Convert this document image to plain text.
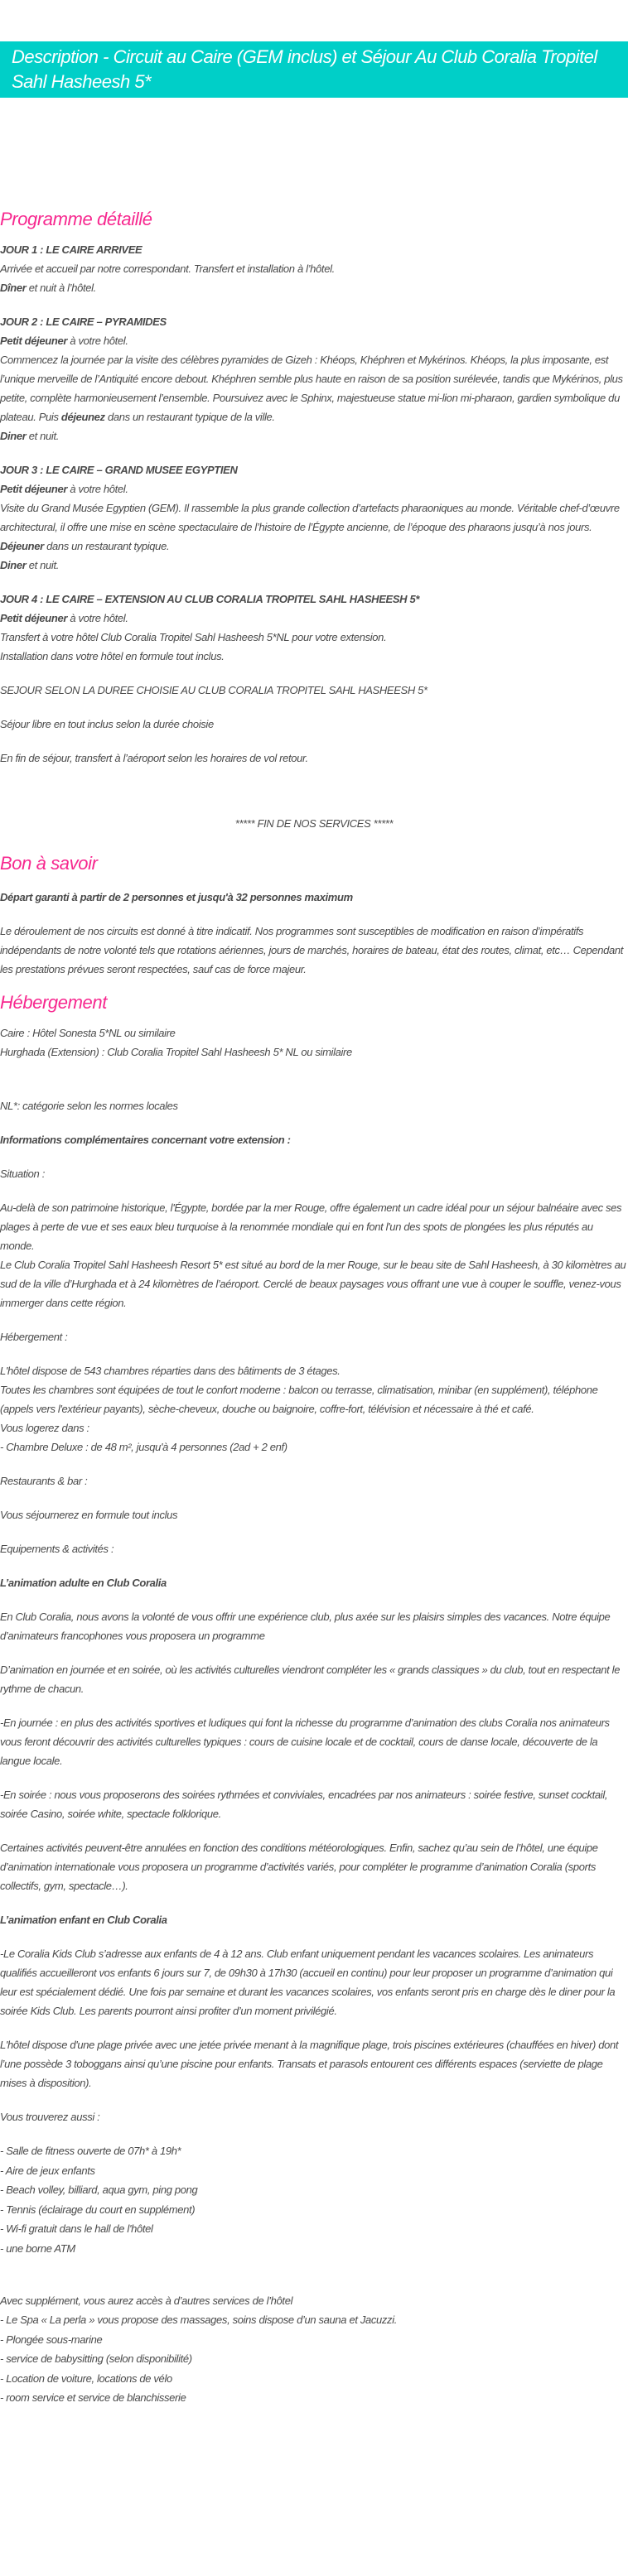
Description - Circuit au Caire (GEM inclus) et Séjour Au Club Coralia Tropitel Sahl Hasheesh 5*
Programme détaillé

JOUR 1 : LE CAIRE ARRIVEE

Arrivée et accueil par notre correspondant. Transfert et installation à l’hôtel.

Dîner et nuit à l’hôtel.

JOUR 2 : LE CAIRE – PYRAMIDES

Petit déjeuner à votre hôtel.

Commencez la journée par la visite des célèbres pyramides de Gizeh : Khéops, Khéphren et Mykérinos. Khéops, la plus imposante, est l’unique merveille de l’Antiquité encore debout. Khéphren semble plus haute en raison de sa position surélevée, tandis que Mykérinos, plus petite, complète harmonieusement l’ensemble. Poursuivez avec le Sphinx, majestueuse statue mi-lion mi-pharaon, gardien symbolique du plateau. Puis déjeunez dans un restaurant typique de la ville.

Diner et nuit.

JOUR 3 : LE CAIRE – GRAND MUSEE EGYPTIEN

Petit déjeuner à votre hôtel.

Visite du Grand Musée Egyptien (GEM). Il rassemble la plus grande collection d’artefacts pharaoniques au monde. Véritable chef-d’œuvre architectural, il offre une mise en scène spectaculaire de l’histoire de l’Égypte ancienne, de l’époque des pharaons jusqu’à nos jours.

Déjeuner dans un restaurant typique.

Diner et nuit.

JOUR 4 : LE CAIRE – EXTENSION AU CLUB CORALIA TROPITEL SAHL HASHEESH 5*

Petit déjeuner à votre hôtel.

Transfert à votre hôtel Club Coralia Tropitel Sahl Hasheesh 5*NL pour votre extension.

Installation dans votre hôtel en formule tout inclus.

SEJOUR SELON LA DUREE CHOISIE AU CLUB CORALIA TROPITEL SAHL HASHEESH 5*

Séjour libre en tout inclus selon la durée choisie

En fin de séjour, transfert à l’aéroport selon les horaires de vol retour.

***** FIN DE NOS SERVICES *****

Bon à savoir

Départ garanti à partir de 2 personnes et jusqu'à 32 personnes maximum

Le déroulement de nos circuits est donné à titre indicatif. Nos programmes sont susceptibles de modification en raison d’impératifs indépendants de notre volonté tels que rotations aériennes, jours de marchés, horaires de bateau, état des routes, climat, etc… Cependant les prestations prévues seront respectées, sauf cas de force majeur.

Hébergement

Caire : Hôtel Sonesta 5*NL ou similaire

Hurghada (Extension) : Club Coralia Tropitel Sahl Hasheesh 5* NL ou similaire

NL*: catégorie selon les normes locales

Informations complémentaires concernant votre extension :

Situation :

Au-delà de son patrimoine historique, l'Égypte, bordée par la mer Rouge, offre également un cadre idéal pour un séjour balnéaire avec ses plages à perte de vue et ses eaux bleu turquoise à la renommée mondiale qui en font l'un des spots de plongées les plus réputés au monde.

Le Club Coralia Tropitel Sahl Hasheesh Resort 5* est situé au bord de la mer Rouge, sur le beau site de Sahl Hasheesh, à 30 kilomètres au sud de la ville d’Hurghada et à 24 kilomètres de l’aéroport. Cerclé de beaux paysages vous offrant une vue à couper le souffle, venez-vous immerger dans cette région.

Hébergement :

L'hôtel dispose de 543 chambres réparties dans des bâtiments de 3 étages.

Toutes les chambres sont équipées de tout le confort moderne : balcon ou terrasse, climatisation, minibar (en supplément), téléphone (appels vers l'extérieur payants), sèche-cheveux, douche ou baignoire, coffre-fort, télévision et nécessaire à thé et café.

Vous logerez dans :

- Chambre Deluxe : de 48 m², jusqu'à 4 personnes (2ad + 2 enf)

Restaurants & bar :

Vous séjournerez en formule tout inclus

Equipements & activités :

L’animation adulte en Club Coralia

En Club Coralia, nous avons la volonté de vous offrir une expérience club, plus axée sur les plaisirs simples des vacances. Notre équipe d’animateurs francophones vous proposera un programme

D’animation en journée et en soirée, où les activités culturelles viendront compléter les « grands classiques » du club, tout en respectant le rythme de chacun.

-En journée : en plus des activités sportives et ludiques qui font la richesse du programme d’animation des clubs Coralia nos animateurs vous feront découvrir des activités culturelles typiques : cours de cuisine locale et de cocktail, cours de danse locale, découverte de la langue locale.

-En soirée : nous vous proposerons des soirées rythmées et conviviales, encadrées par nos animateurs : soirée festive, sunset cocktail, soirée Casino, soirée white, spectacle folklorique.

Certaines activités peuvent-être annulées en fonction des conditions météorologiques. Enfin, sachez qu’au sein de l’hôtel, une équipe d’animation internationale vous proposera un programme d’activités variés, pour compléter le programme d’animation Coralia (sports collectifs, gym, spectacle…).

L’animation enfant en Club Coralia

-Le Coralia Kids Club s’adresse aux enfants de 4 à 12 ans. Club enfant uniquement pendant les vacances scolaires. Les animateurs qualifiés accueilleront vos enfants 6 jours sur 7, de 09h30 à 17h30 (accueil en continu) pour leur proposer un programme d’animation qui leur est spécialement dédié. Une fois par semaine et durant les vacances scolaires, vos enfants seront pris en charge dès le diner pour la soirée Kids Club. Les parents pourront ainsi profiter d’un moment privilégié.

L'hôtel dispose d'une plage privée avec une jetée privée menant à la magnifique plage, trois piscines extérieures (chauffées en hiver) dont l’une possède 3 toboggans ainsi qu’une piscine pour enfants. Transats et parasols entourent ces différents espaces (serviette de plage mises à disposition).

Vous trouverez aussi :

- Salle de fitness ouverte de 07h* à 19h*
- Aire de jeux enfants
- Beach volley, billiard, aqua gym, ping pong
- Tennis (éclairage du court en supplément)
- Wi-fi gratuit dans le hall de l'hôtel
- une borne ATM

Avec supplément, vous aurez accès à d’autres services de l’hôtel

- Le Spa « La perla » vous propose des massages, soins dispose d’un sauna et Jacuzzi.
- Plongée sous-marine
- service de babysitting (selon disponibilité)
- Location de voiture, locations de vélo
- room service et service de blanchisserie
